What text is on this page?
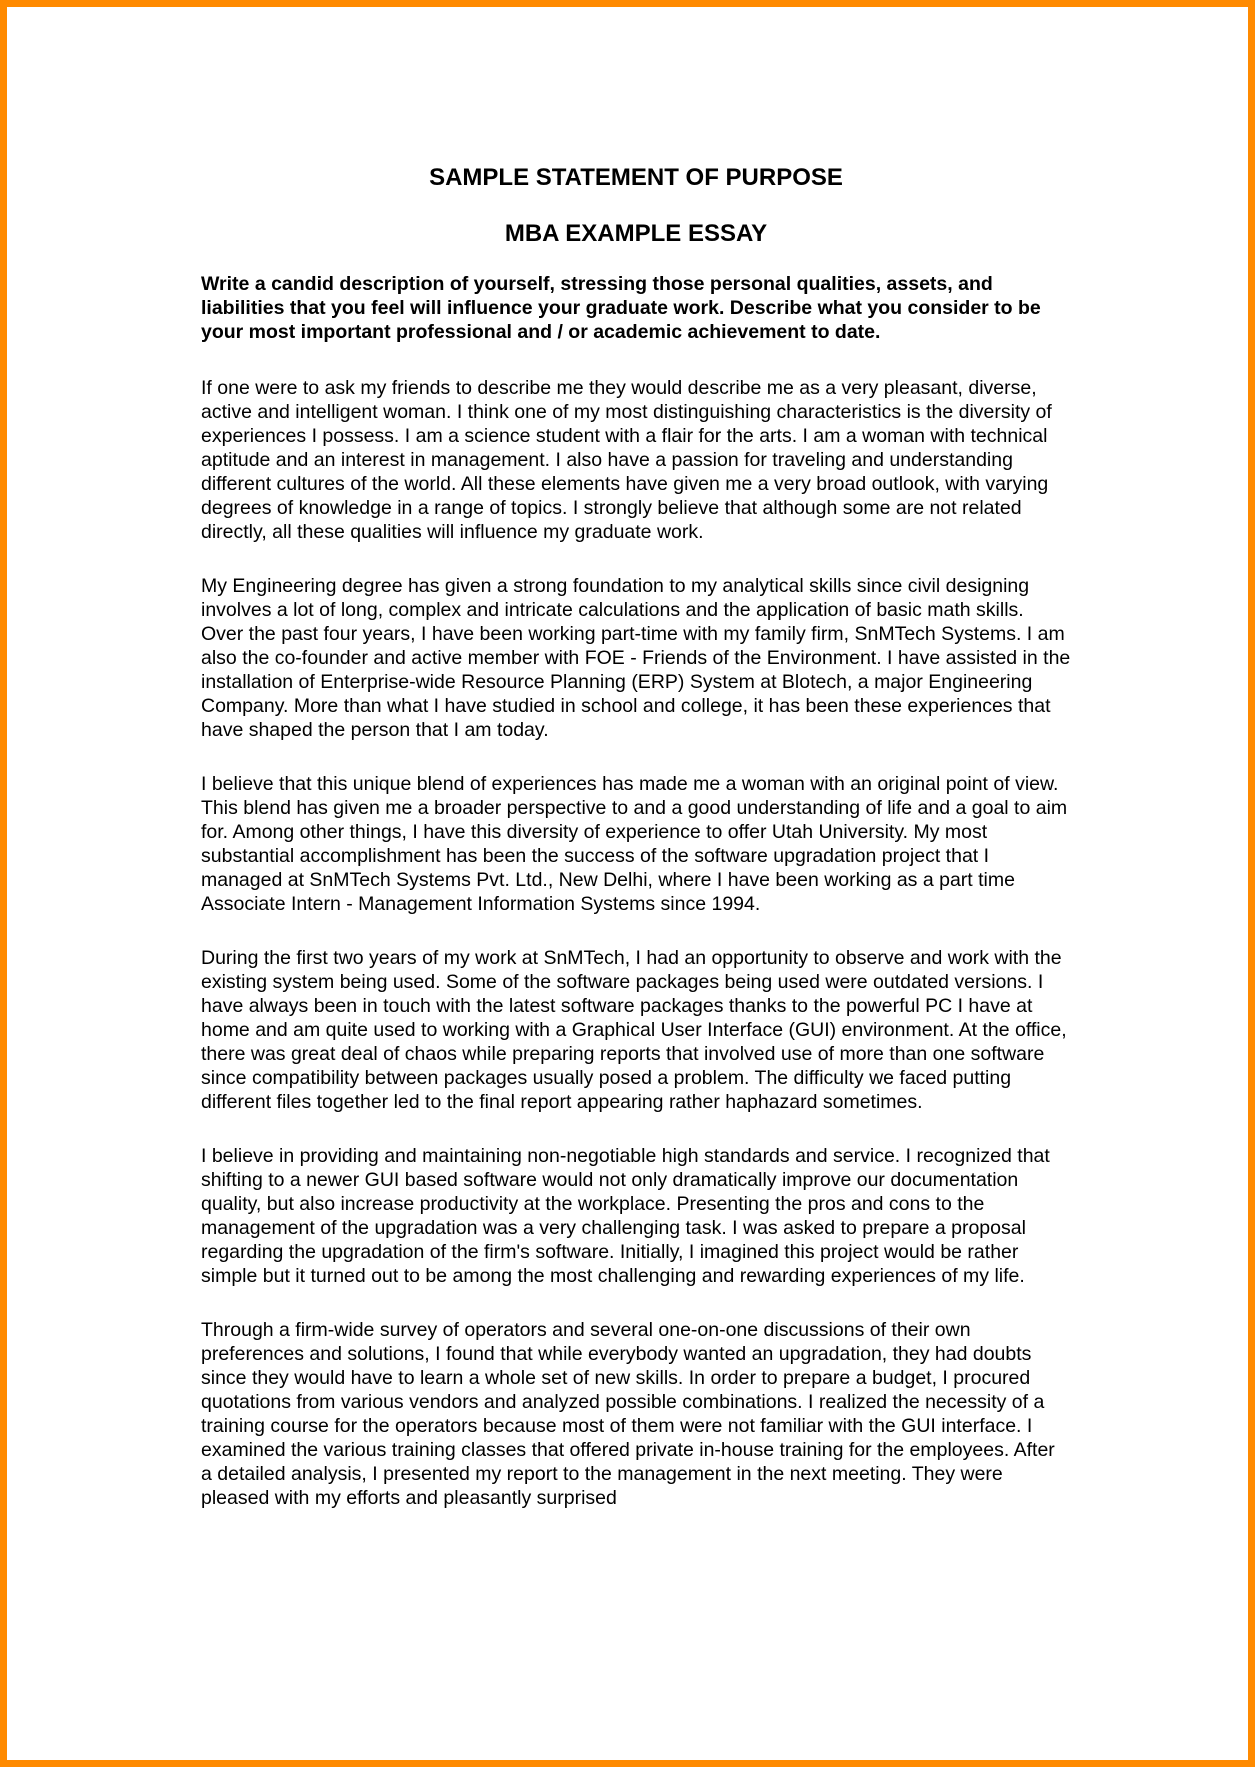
SAMPLE STATEMENT OF PURPOSE
MBA EXAMPLE ESSAY

Write a candid description of yourself, stressing those personal qualities, assets, and liabilities that you feel will influence your graduate work. Describe what you consider to be your most important professional and / or academic achievement to date.

If one were to ask my friends to describe me they would describe me as a very pleasant, diverse, active and intelligent woman. I think one of my most distinguishing characteristics is the diversity of experiences I possess. I am a science student with a flair for the arts. I am a woman with technical aptitude and an interest in management. I also have a passion for traveling and understanding different cultures of the world. All these elements have given me a very broad outlook, with varying degrees of knowledge in a range of topics. I strongly believe that although some are not related directly, all these qualities will influence my graduate work.

My Engineering degree has given a strong foundation to my analytical skills since civil designing involves a lot of long, complex and intricate calculations and the application of basic math skills. Over the past four years, I have been working part-time with my family firm, SnMTech Systems. I am also the co-founder and active member with FOE - Friends of the Environment. I have assisted in the installation of Enterprise-wide Resource Planning (ERP) System at Blotech, a major Engineering Company. More than what I have studied in school and college, it has been these experiences that have shaped the person that I am today.

I believe that this unique blend of experiences has made me a woman with an original point of view. This blend has given me a broader perspective to and a good understanding of life and a goal to aim for. Among other things, I have this diversity of experience to offer Utah University. My most substantial accomplishment has been the success of the software upgradation project that I managed at SnMTech Systems Pvt. Ltd., New Delhi, where I have been working as a part time Associate Intern - Management Information Systems since 1994.

During the first two years of my work at SnMTech, I had an opportunity to observe and work with the existing system being used. Some of the software packages being used were outdated versions. I have always been in touch with the latest software packages thanks to the powerful PC I have at home and am quite used to working with a Graphical User Interface (GUI) environment. At the office, there was great deal of chaos while preparing reports that involved use of more than one software since compatibility between packages usually posed a problem. The difficulty we faced putting different files together led to the final report appearing rather haphazard sometimes.

I believe in providing and maintaining non-negotiable high standards and service. I recognized that shifting to a newer GUI based software would not only dramatically improve our documentation quality, but also increase productivity at the workplace. Presenting the pros and cons to the management of the upgradation was a very challenging task. I was asked to prepare a proposal regarding the upgradation of the firm's software. Initially, I imagined this project would be rather simple but it turned out to be among the most challenging and rewarding experiences of my life.

Through a firm-wide survey of operators and several one-on-one discussions of their own preferences and solutions, I found that while everybody wanted an upgradation, they had doubts since they would have to learn a whole set of new skills. In order to prepare a budget, I procured quotations from various vendors and analyzed possible combinations. I realized the necessity of a training course for the operators because most of them were not familiar with the GUI interface. I examined the various training classes that offered private in-house training for the employees. After a detailed analysis, I presented my report to the management in the next meeting. They were pleased with my efforts and pleasantly surprised
